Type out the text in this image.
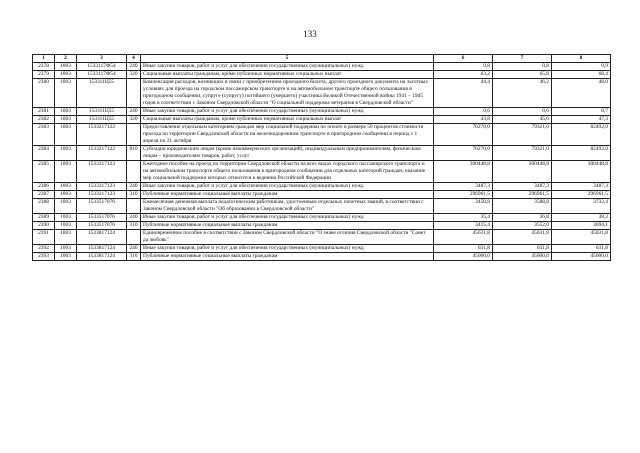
133
1	2	3	4	5	6	7	8
2378	1003	1533117Ф54	240	Иные закупки товаров, работ и услуг для обеспечения государственных (муниципальных) нужд	0,8	0,8	0,9
2379	1003	1533117Ф54	320	Социальные выплаты гражданам, кроме публичных нормативных социальных выплат	63,2	65,8	68,4
2380	1003	153311Ц55		Компенсация расходов, возникших в связи с приобретением проездного билета, другого проездного документа на льготных условиях для проезда на городском пассажирском транспорте и на автомобильном транспорте общего пользования в пригородном сообщении, супруге (супругу) погибшего (умершего) участника Великой Отечественной войны 1941 – 1945 годов в соответствии с Законом Свердловской области "О социальной поддержке ветеранов в Свердловской области"	44,4	46,2	48,0
2381	1003	153311Ц55	240	Иные закупки товаров, работ и услуг для обеспечения государственных (муниципальных) нужд	0,6	0,6	0,7
2382	1003	153311Ц55	320	Социальные выплаты гражданам, кроме публичных нормативных социальных выплат	43,8	45,6	47,3
2383	1003	1533217122		Предоставление отдельным категориям граждан мер социальной поддержки по оплате в размере 50 процентов стоимости проезда по территории Свердловской области на железнодорожном транспорте в пригородном сообщении в период с 1 апреля по 31 октября	76270,0	79321,0	82492,0
2384	1003	1533217122	810	Субсидии юридическим лицам (кроме некоммерческих организаций), индивидуальным предпринимателям, физическим лицам – производителям товаров, работ, услуг	76270,0	79321,0	82492,0
2385	1003	1533317123		Ежегодное пособие на проезд по территории Свердловской области на всех видах городского пассажирского транспорта и на автомобильном транспорте общего пользования в пригородном сообщении для отдельных категорий граждан, оказание мер социальной поддержки которых относится к ведению Российской Федерации	300448,8	300448,8	300448,8
2386	1003	1533317123	240	Иные закупки товаров, работ и услуг для обеспечения государственных (муниципальных) нужд	3487,3	3487,3	3487,3
2387	1003	1533317123	310	Публичные нормативные социальные выплаты гражданам	296961,5	296961,5	296961,5
2388	1003	1533517076		Ежемесячная денежная выплата педагогическим работникам, удостоенным отдельных почетных званий, в соответствии с Законом Свердловской области "Об образовании в Свердловской области"	3450,8	3588,8	3732,4
2389	1003	1533517076	240	Иные закупки товаров, работ и услуг для обеспечения государственных (муниципальных) нужд	35,4	36,8	38,3
2390	1003	1533517076	310	Публичные нормативные социальные выплаты гражданам	3415,4	3552,0	3694,1
2391	1003	1533817124		Единовременное пособие в соответствии с Законом Свердловской области "О знаке отличия Свердловской области "Совет да любовь"	45631,8	45631,8	45631,8
2392	1003	1533817124	240	Иные закупки товаров, работ и услуг для обеспечения государственных (муниципальных) нужд	631,8	631,8	631,8
2393	1003	1533817124	310	Публичные нормативные социальные выплаты гражданам	45000,0	45000,0	45000,0
